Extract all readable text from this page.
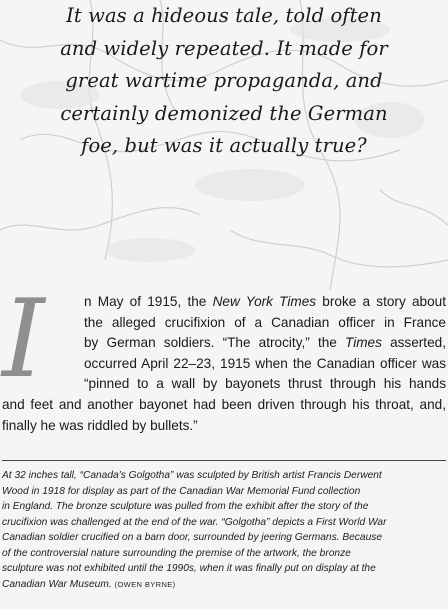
It was a hideous tale, told often
and widely repeated. It made for
great wartime propaganda, and
certainly demonized the German
foe, but was it actually true?
I	n May of 1915, the New York Times broke a story about
the alleged crucifixion of a Canadian officer in France
by German soldiers. “The atrocity,” the Times asserted,
occurred April 22–23, 1915 when the Canadian officer was
“pinned to a wall by bayonets thrust through his hands
and feet and another bayonet had been driven through his throat, and,
finally he was riddled by bullets.”
At 32 inches tall, “Canada’s Golgotha” was sculpted by British artist Francis Derwent
Wood in 1918 for display as part of the Canadian War Memorial Fund collection
in England. The bronze sculpture was pulled from the exhibit after the story of the
crucifixion was challenged at the end of the war. “Golgotha” depicts a First World War
Canadian soldier crucified on a barn door, surrounded by jeering Germans. Because
of the controversial nature surrounding the premise of the artwork, the bronze
sculpture was not exhibited until the 1990s, when it was finally put on display at the
Canadian War Museum. (OWEN BYRNE)
